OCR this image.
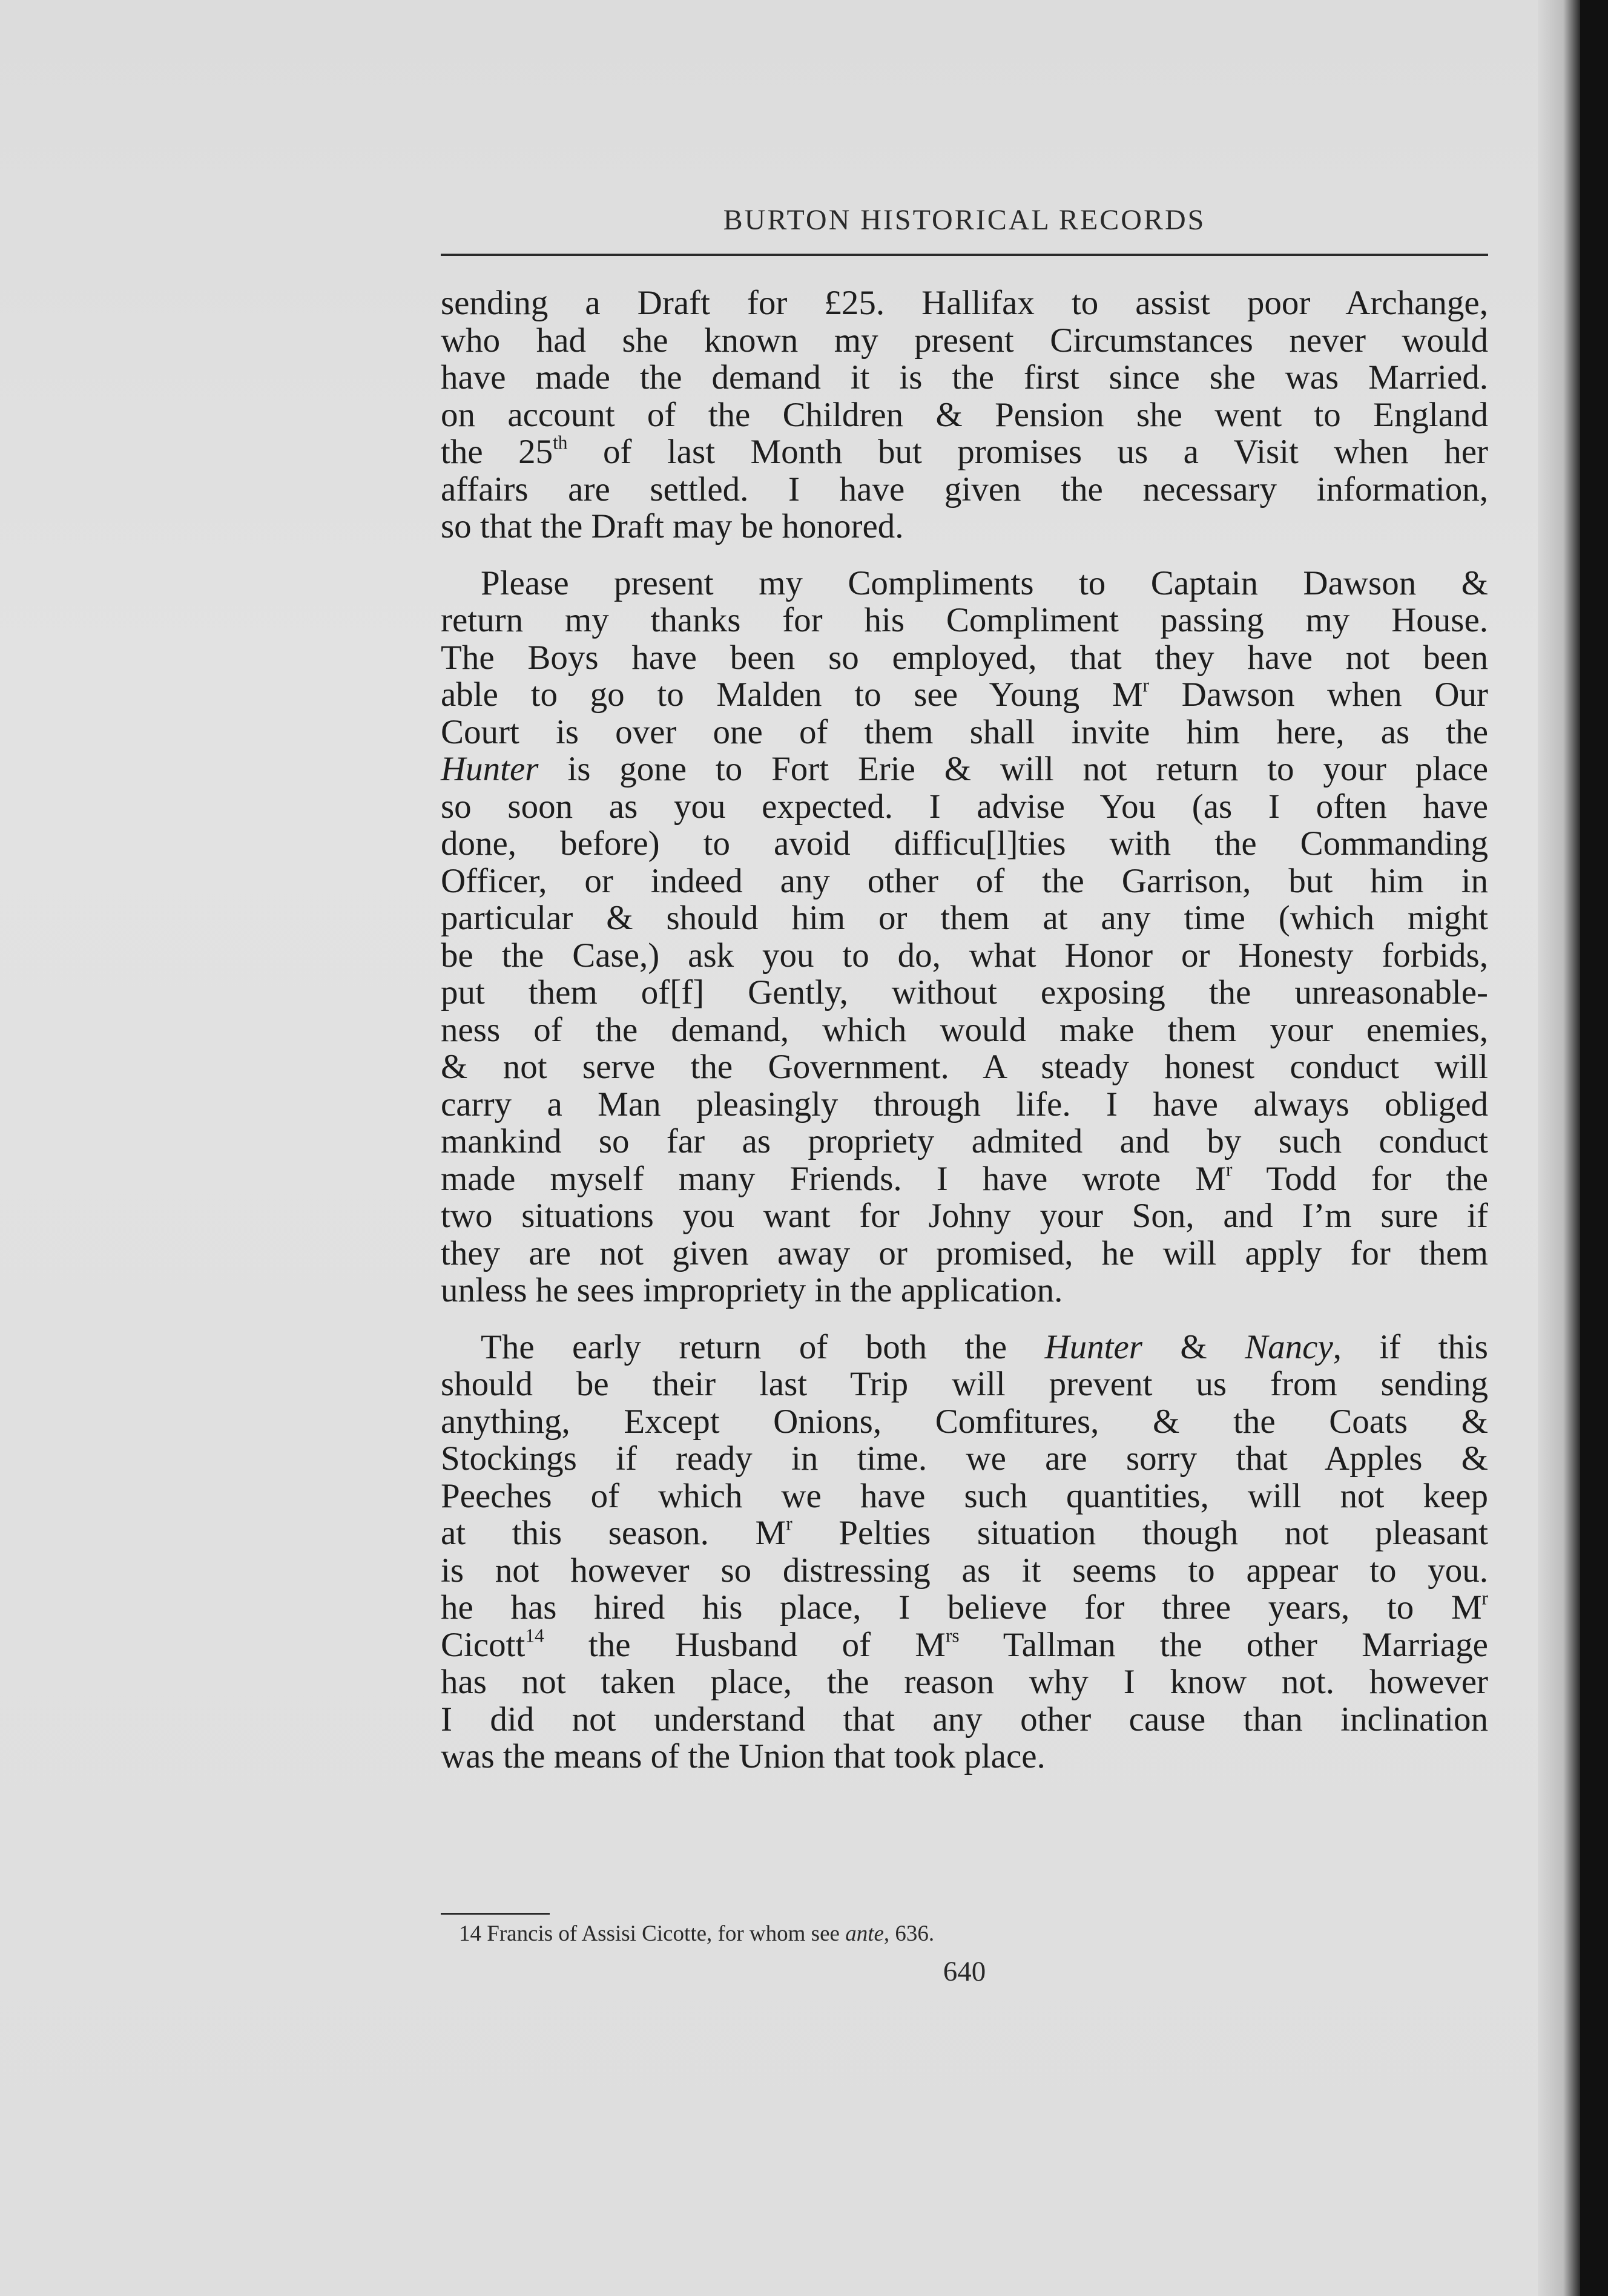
BURTON HISTORICAL RECORDS
sending a Draft for £25. Hallifax to assist poor Archange,
who had she known my present Circumstances never would
have made the demand it is the first since she was Married.
on account of the Children & Pension she went to England
the 25th of last Month but promises us a Visit when her
affairs are settled. I have given the necessary information,
so that the Draft may be honored.
Please present my Compliments to Captain Dawson &
return my thanks for his Compliment passing my House.
The Boys have been so employed, that they have not been
able to go to Malden to see Young $M^r$ Dawson when Our
Court is over one of them shall invite him here, as the
Hunter is gone to Fort Erie & will not return to your place
so soon as you expected. I advise You (as I often have
done, before) to avoid difficu[l]ties with the Commanding
Officer, or indeed any other of the Garrison, but him in
particular & should him or them at any time (which might
be the Case,) ask you to do, what Honor or Honesty forbids,
put them of[f] Gently, without exposing the unreasonable-
ness of the demand, which would make them your enemies,
& not serve the Government. A steady honest conduct will
carry a Man pleasingly through life. I have always obliged
mankind so far as propriety admited and by such conduct
made myself many Friends. I have wrote $M^r$ Todd for the
two situations you want for Johny your Son, and I’m sure if
they are not given away or promised, he will apply for them
unless he sees impropriety in the application.
The early return of both the Hunter & Nancy, if this
should be their last Trip will prevent us from sending
anything, Except Onions, Comfitures, & the Coats &
Stockings if ready in time. we are sorry that Apples &
Peeches of which we have such quantities, will not keep
at this season. $M^r$ Pelties situation though not pleasant
is not however so distressing as it seems to appear to you.
he has hired his place, I believe for three years, to $M^r$
Cicott$^{14}$ the Husband of $M^{rs}$ Tallman the other Marriage
has not taken place, the reason why I know not. however
I did not understand that any other cause than inclination
was the means of the Union that took place.
14 Francis of Assisi Cicotte, for whom see ante, 636.
640
